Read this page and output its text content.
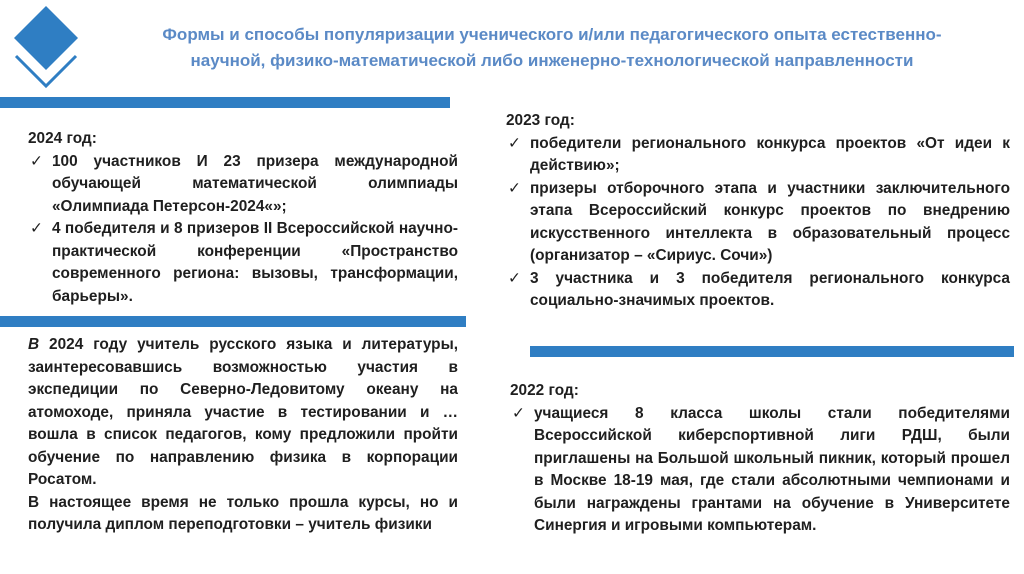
Формы и способы популяризации ученического и/или педагогического опыта естественно-
научной, физико-математической либо инженерно-технологической направленности

2024 год:

✓ 100 участников И 23 призера международной обучающей математической олимпиады «Олимпиада Петерсон-2024«»;
✓ 4 победителя и 8 призеров II Всероссийской научно-практической конференции «Пространство современного региона: вызовы, трансформации, барьеры».

В 2024 году учитель русского языка и литературы, заинтересовавшись возможностью участия в экспедиции по Северно-Ледовитому океану на атомоходе, приняла участие в тестировании и … вошла в список педагогов, кому предложили пройти обучение по направлению физика в корпорации Росатом.

В настоящее время не только прошла курсы, но и получила диплом переподготовки – учитель физики

2023 год:

✓ победители регионального конкурса проектов «От идеи к действию»;
✓ призеры отборочного этапа и участники заключительного этапа Всероссийский конкурс проектов по внедрению искусственного интеллекта в образовательный процесс (организатор – «Сириус. Сочи»)
✓ 3 участника и 3 победителя регионального конкурса социально-значимых проектов.

2022 год:

✓ учащиеся 8 класса школы стали победителями Всероссийской киберспортивной лиги РДШ, были приглашены на Большой школьный пикник, который прошел в Москве 18-19 мая, где стали абсолютными чемпионами и были награждены грантами на обучение в Университете Синергия и игровыми компьютерам.
